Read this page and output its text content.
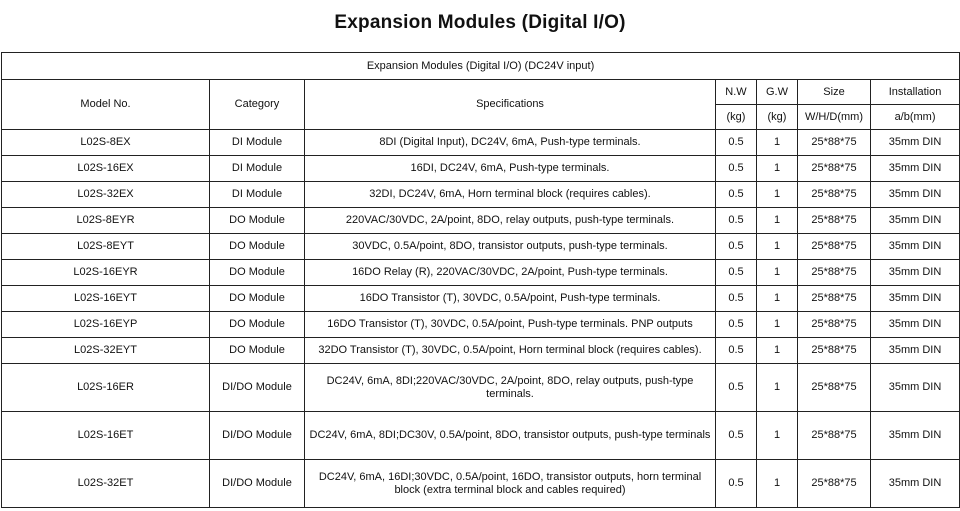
Expansion Modules (Digital I/O)
Expansion Modules (Digital I/O) (DC24V input)						
Model No.	Category	Specifications	N.W	G.W	Size	Installation
			(kg)	(kg)	W/H/D(mm)	a/b(mm)
L02S-8EX	DI Module	8DI (Digital Input), DC24V, 6mA, Push-type terminals.	0.5	1	25*88*75	35mm DIN
L02S-16EX	DI Module	16DI, DC24V, 6mA, Push-type terminals.	0.5	1	25*88*75	35mm DIN
L02S-32EX	DI Module	32DI, DC24V, 6mA, Horn terminal block (requires cables).	0.5	1	25*88*75	35mm DIN
L02S-8EYR	DO Module	220VAC/30VDC, 2A/point, 8DO, relay outputs, push-type terminals.	0.5	1	25*88*75	35mm DIN
L02S-8EYT	DO Module	30VDC, 0.5A/point, 8DO, transistor outputs, push-type terminals.	0.5	1	25*88*75	35mm DIN
L02S-16EYR	DO Module	16DO Relay (R), 220VAC/30VDC, 2A/point, Push-type terminals.	0.5	1	25*88*75	35mm DIN
L02S-16EYT	DO Module	16DO Transistor (T), 30VDC, 0.5A/point, Push-type terminals.	0.5	1	25*88*75	35mm DIN
L02S-16EYP	DO Module	16DO Transistor (T), 30VDC, 0.5A/point, Push-type terminals. PNP outputs	0.5	1	25*88*75	35mm DIN
L02S-32EYT	DO Module	32DO Transistor (T), 30VDC, 0.5A/point, Horn terminal block (requires cables).	0.5	1	25*88*75	35mm DIN
L02S-16ER	DI/DO Module	DC24V, 6mA, 8DI;220VAC/30VDC, 2A/point, 8DO, relay outputs, push-type terminals.	0.5	1	25*88*75	35mm DIN
L02S-16ET	DI/DO Module	DC24V, 6mA, 8DI;DC30V, 0.5A/point, 8DO, transistor outputs, push-type terminals	0.5	1	25*88*75	35mm DIN
L02S-32ET	DI/DO Module	DC24V, 6mA, 16DI;30VDC, 0.5A/point, 16DO, transistor outputs, horn terminal block (extra terminal block and cables required)	0.5	1	25*88*75	35mm DIN
